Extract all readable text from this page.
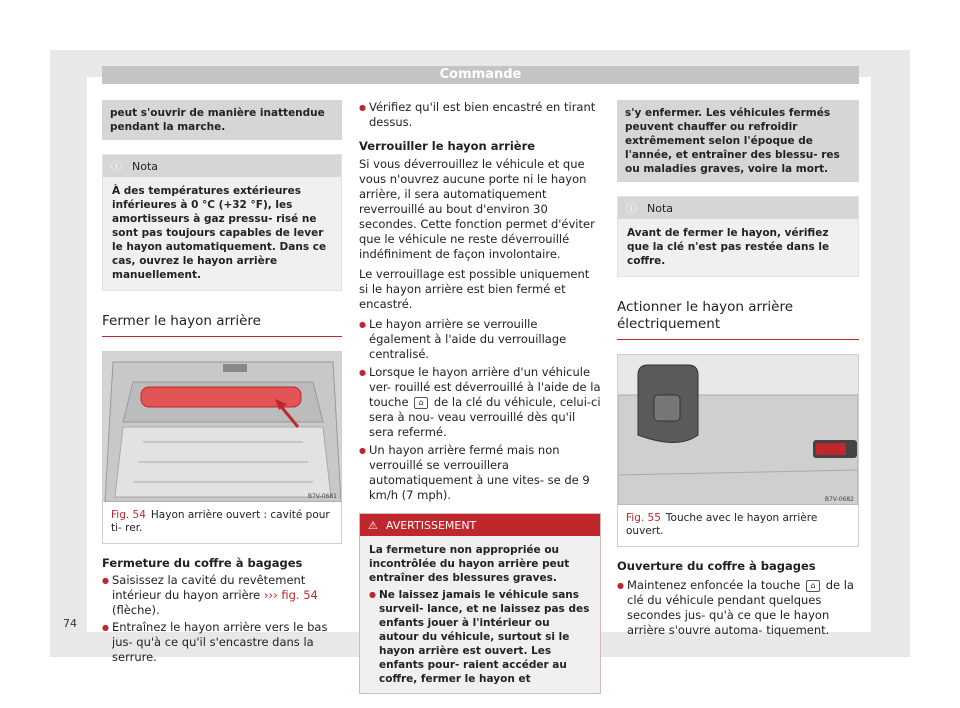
Commande
peut s'ouvrir de manière inattendue pendant la marche.
ⓘ Nota
À des températures extérieures inférieures à 0 °C (+32 °F), les amortisseurs à gaz pressu- risé ne sont pas toujours capables de lever le hayon automatiquement. Dans ce cas, ouvrez le hayon arrière manuellement.
Fermer le hayon arrière
B7V-0681
Fig. 54 Hayon arrière ouvert : cavité pour ti- rer.

Fermeture du coffre à bagages

● Saisissez la cavité du revêtement intérieur du hayon arrière ››› fig. 54 (flèche).

● Entraînez le hayon arrière vers le bas jus- qu'à ce qu'il s'encastre dans la serrure.

● Vérifiez qu'il est bien encastré en tirant dessus.

Verrouiller le hayon arrière

Si vous déverrouillez le véhicule et que vous n'ouvrez aucune porte ni le hayon arrière, il sera automatiquement reverrouillé au bout d'environ 30 secondes. Cette fonction permet d'éviter que le véhicule ne reste déverrouillé indéfiniment de façon involontaire.

Le verrouillage est possible uniquement si le hayon arrière est bien fermé et encastré.

● Le hayon arrière se verrouille également à l'aide du verrouillage centralisé.

● Lorsque le hayon arrière d'un véhicule ver- rouillé est déverrouillé à l'aide de la touche ⌂ de la clé du véhicule, celui-ci sera à nou- veau verrouillé dès qu'il sera refermé.

● Un hayon arrière fermé mais non verrouillé se verrouillera automatiquement à une vites- se de 9 km/h (7 mph).

⚠ AVERTISSEMENT
La fermeture non appropriée ou incontrôlée du hayon arrière peut entraîner des blessures graves.
● Ne laissez jamais le véhicule sans surveil- lance, et ne laissez pas des enfants jouer à l'intérieur ou autour du véhicule, surtout si le hayon arrière est ouvert. Les enfants pour- raient accéder au coffre, fermer le hayon et
s'y enfermer. Les véhicules fermés peuvent chauffer ou refroidir extrêmement selon l'époque de l'année, et entraîner des blessu- res ou maladies graves, voire la mort.
ⓘ Nota
Avant de fermer le hayon, vérifiez que la clé n'est pas restée dans le coffre.
Actionner le hayon arrière électriquement
B7V-0682
Fig. 55 Touche avec le hayon arrière ouvert.

Ouverture du coffre à bagages

● Maintenez enfoncée la touche ⌂ de la clé du véhicule pendant quelques secondes jus- qu'à ce que le hayon arrière s'ouvre automa- tiquement.

74
